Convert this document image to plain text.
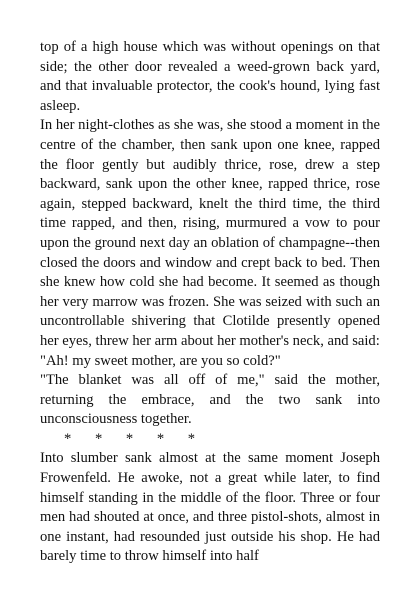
top of a high house which was without openings on that side; the other door revealed a weed-grown back yard, and that invaluable protector, the cook's hound, lying fast asleep.

In her night-clothes as she was, she stood a moment in the centre of the chamber, then sank upon one knee, rapped the floor gently but audibly thrice, rose, drew a step backward, sank upon the other knee, rapped thrice, rose again, stepped backward, knelt the third time, the third time rapped, and then, rising, murmured a vow to pour upon the ground next day an oblation of champagne--then closed the doors and window and crept back to bed. Then she knew how cold she had become. It seemed as though her very marrow was frozen. She was seized with such an uncontrollable shivering that Clotilde presently opened her eyes, threw her arm about her mother's neck, and said:

"Ah! my sweet mother, are you so cold?"

"The blanket was all off of me," said the mother, returning the embrace, and the two sank into unconsciousness together.

* * * * *

Into slumber sank almost at the same moment Joseph Frowenfeld. He awoke, not a great while later, to find himself standing in the middle of the floor. Three or four men had shouted at once, and three pistol-shots, almost in one instant, had resounded just outside his shop. He had barely time to throw himself into half
